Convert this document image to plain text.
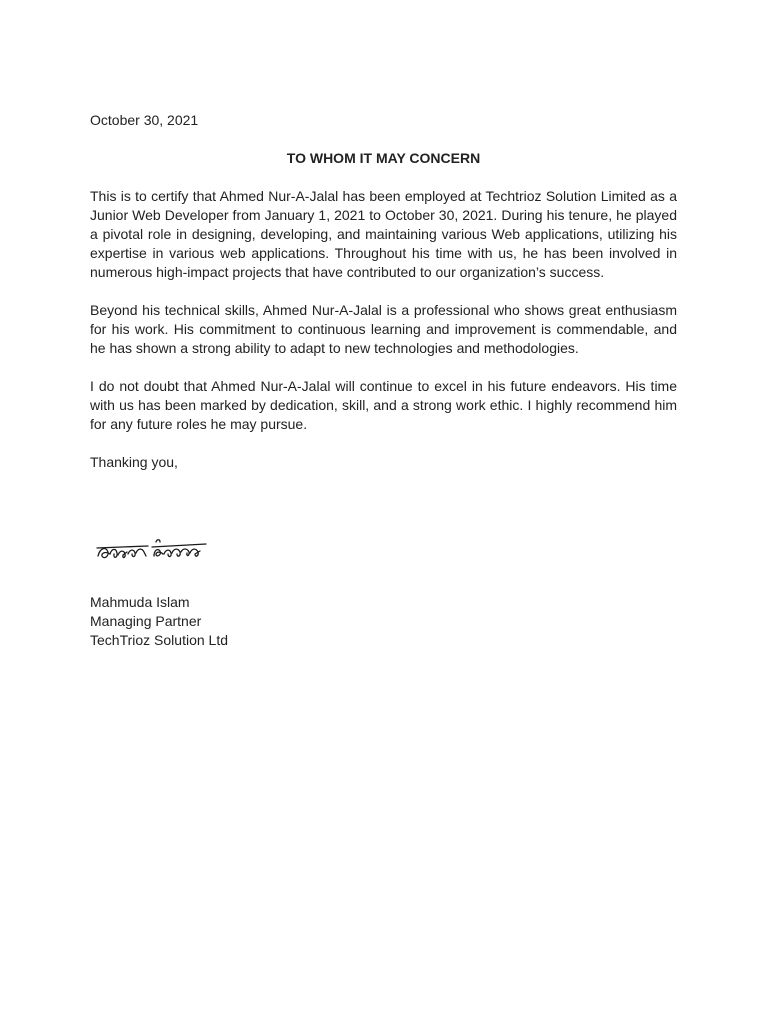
October 30, 2021

TO WHOM IT MAY CONCERN

This is to certify that Ahmed Nur-A-Jalal has been employed at Techtrioz Solution Limited as a Junior Web Developer from January 1, 2021 to October 30, 2021. During his tenure, he played a pivotal role in designing, developing, and maintaining various Web applications, utilizing his expertise in various web applications. Throughout his time with us, he has been involved in numerous high-impact projects that have contributed to our organization’s success.

Beyond his technical skills, Ahmed Nur-A-Jalal is a professional who shows great enthusiasm for his work. His commitment to continuous learning and improvement is commendable, and he has shown a strong ability to adapt to new technologies and methodologies.

I do not doubt that Ahmed Nur-A-Jalal will continue to excel in his future endeavors. His time with us has been marked by dedication, skill, and a strong work ethic. I highly recommend him for any future roles he may pursue.

Thanking you,

Mahmuda Islam
Managing Partner
TechTrioz Solution Ltd
